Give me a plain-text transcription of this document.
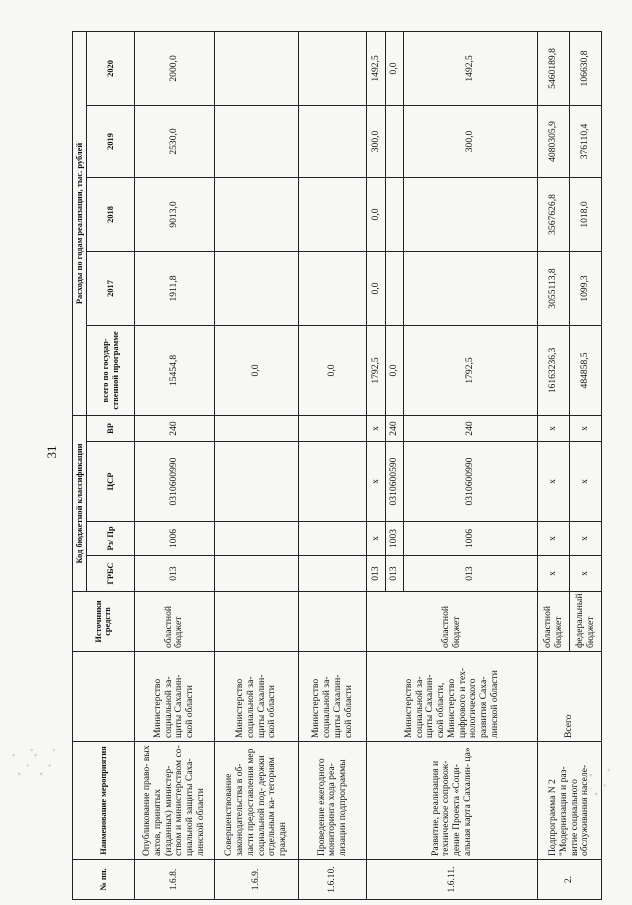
31
№ пп.	Наименование мероприятия		Источники средств	Код бюджетной классификации				Расходы по годам реализации, тыс. рублей				
				ГРБС	Рз/ Пр	ЦСР	ВР	всего по государ- ственной программе	2017	2018	2019	2020
1.6.8.	Опубликование право- вых актов, принятых (изданных) министер- ством и министерством со- циальной защиты Саха- линской области	Министерство социальной за- щиты Сахалин- ской области	областной бюджет	013	1006	0310600990	240	15454,8	1911,8	9013,0	2530,0	2000,0
1.6.9.	Совершенствование законодательства в об- ласти предоставления мер социальной под- держки отдельным ка- тегориям граждан	Министерство социальной за- щиты Сахалин- ской области						0,0				
1.6.10.	Проведение ежегодного мониторинга хода реа- лизации подпрограммы	Министерство социальной за- щиты Сахалин- ской области						0,0				
1.6.11.	Развитие, реализация и техническое сопровож- дение Проекта «Соци- альная карта Сахалин- ца»	Министерство социальной за- щиты Сахалин- ской области, Министерство цифрового и тех- нологического развития Саха- линской области	областной бюджет	013	х	х	х	1792,5	0,0	0,0	300,0	1492,5
				013	1003	0310600590	240	0,0				0,0
				013	1006	0310600990	240	1792,5			300,0	1492,5
2.	Подпрограмма N 2 "Модернизация и раз- витие социального обслуживания населе-	Всего	областной бюджет	х	х	х	х	16163236,3	3055113,8	3567626,8	4080305,9	5460189,8
			федеральный бюджет	х	х	х	х	484858,5	1099,3	1018,0	376110,4	106630,8
